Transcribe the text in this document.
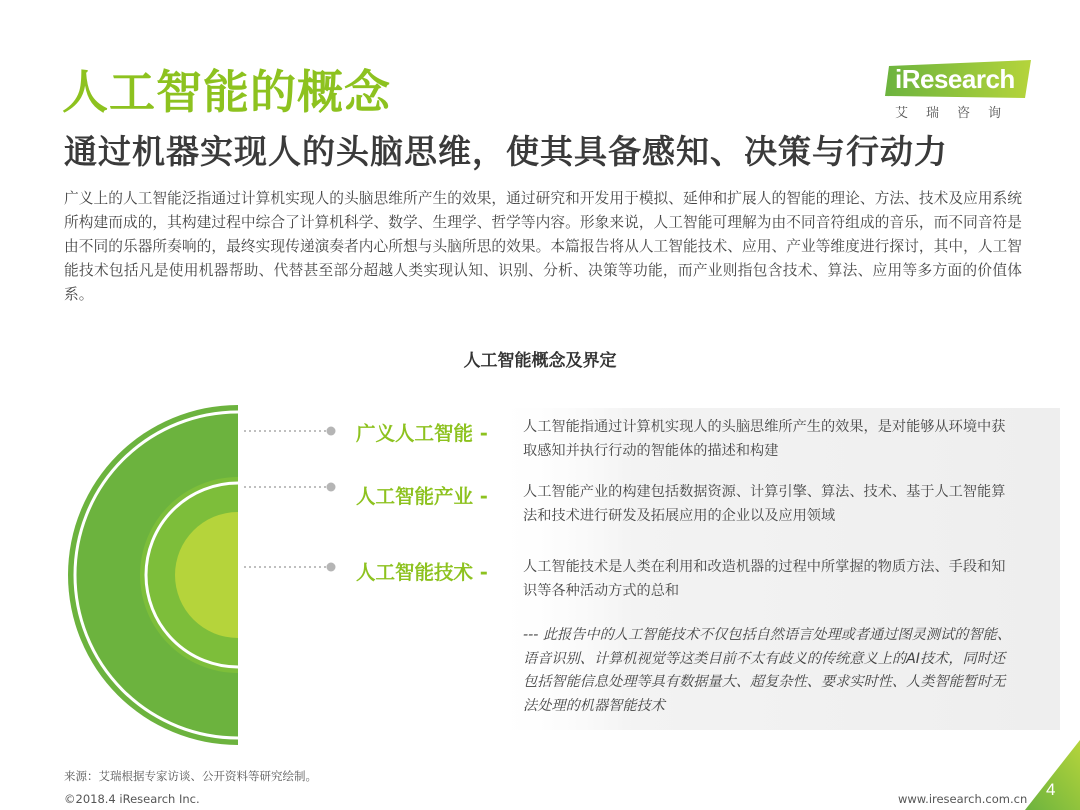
人工智能的概念
通过机器实现人的头脑思维，使其具备感知、决策与行动力
iResearch
艾瑞咨询

广义上的人工智能泛指通过计算机实现人的头脑思维所产生的效果，通过研究和开发用于模拟、延伸和扩展人的智能的理论、方法、技术及应用系统所构建而成的，其构建过程中综合了计算机科学、数学、生理学、哲学等内容。形象来说，人工智能可理解为由不同音符组成的音乐，而不同音符是由不同的乐器所奏响的，最终实现传递演奏者内心所想与头脑所思的效果。本篇报告将从人工智能技术、应用、产业等维度进行探讨，其中，人工智能技术包括凡是使用机器帮助、代替甚至部分超越人类实现认知、识别、分析、决策等功能，而产业则指包含技术、算法、应用等多方面的价值体系。

人工智能概念及界定
广义人工智能 -
人工智能产业 -
人工智能技术 -
人工智能指通过计算机实现人的头脑思维所产生的效果，是对能够从环境中获取感知并执行行动的智能体的描述和构建
人工智能产业的构建包括数据资源、计算引擎、算法、技术、基于人工智能算法和技术进行研发及拓展应用的企业以及应用领域
人工智能技术是人类在利用和改造机器的过程中所掌握的物质方法、手段和知识等各种活动方式的总和

--- 此报告中的人工智能技术不仅包括自然语言处理或者通过图灵测试的智能、语音识别、计算机视觉等这类目前不太有歧义的传统意义上的AI技术，同时还包括智能信息处理等具有数据量大、超复杂性、要求实时性、人类智能暂时无法处理的机器智能技术

来源：艾瑞根据专家访谈、公开资料等研究绘制。
©2018.4 iResearch Inc.	www.iresearch.com.cn 4
